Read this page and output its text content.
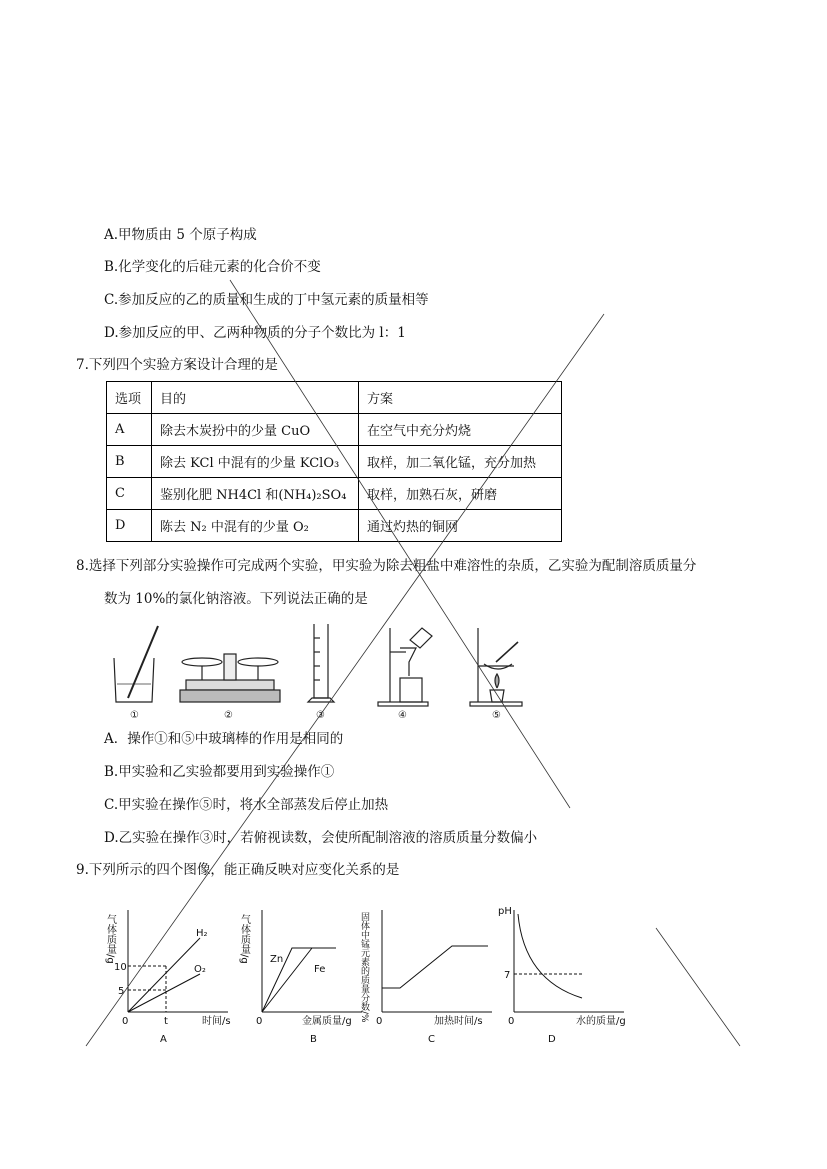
A.甲物质由 5 个原子构成
B.化学变化的后硅元素的化合价不变
C.参加反应的乙的质量和生成的丁中氢元素的质量相等
D.参加反应的甲、乙两种物质的分子个数比为 l：1
7.下列四个实验方案设计合理的是
选项	目的	方案
A	除去木炭扮中的少量 CuO	在空气中充分灼烧
B	除去 KCl 中混有的少量 KClO₃	取样，加二氧化锰，充分加热
C	鉴别化肥 NH4Cl 和(NH₄)₂SO₄	取样，加熟石灰，研磨
D	陈去 N₂ 中混有的少量 O₂	通过灼热的铜网
8.选择下列部分实验操作可完成两个实验，甲实验为除去粗盐中难溶性的杂质，乙实验为配制溶质质量分
数为 10%的氯化钠溶液。下列说法正确的是
①	②	③	④	⑤
A．操作①和⑤中玻璃棒的作用是相同的
B.甲实验和乙实验都要用到实验操作①
C.甲实验在操作⑤时，将水全部蒸发后停止加热
D.乙实验在操作③时，若俯视读数，会使所配制溶液的溶质质量分数偏小
9.下列所示的四个图像，能正确反映对应变化关系的是
气体质量/g
10
5
0	t	时间/s
H₂
O₂
A
气体质量/g
0	金属质量/g
Zn
Fe
B
固体中锰元素的质量分数/% 0	加热时间/s
C
pH
7
0	水的质量/g
D
